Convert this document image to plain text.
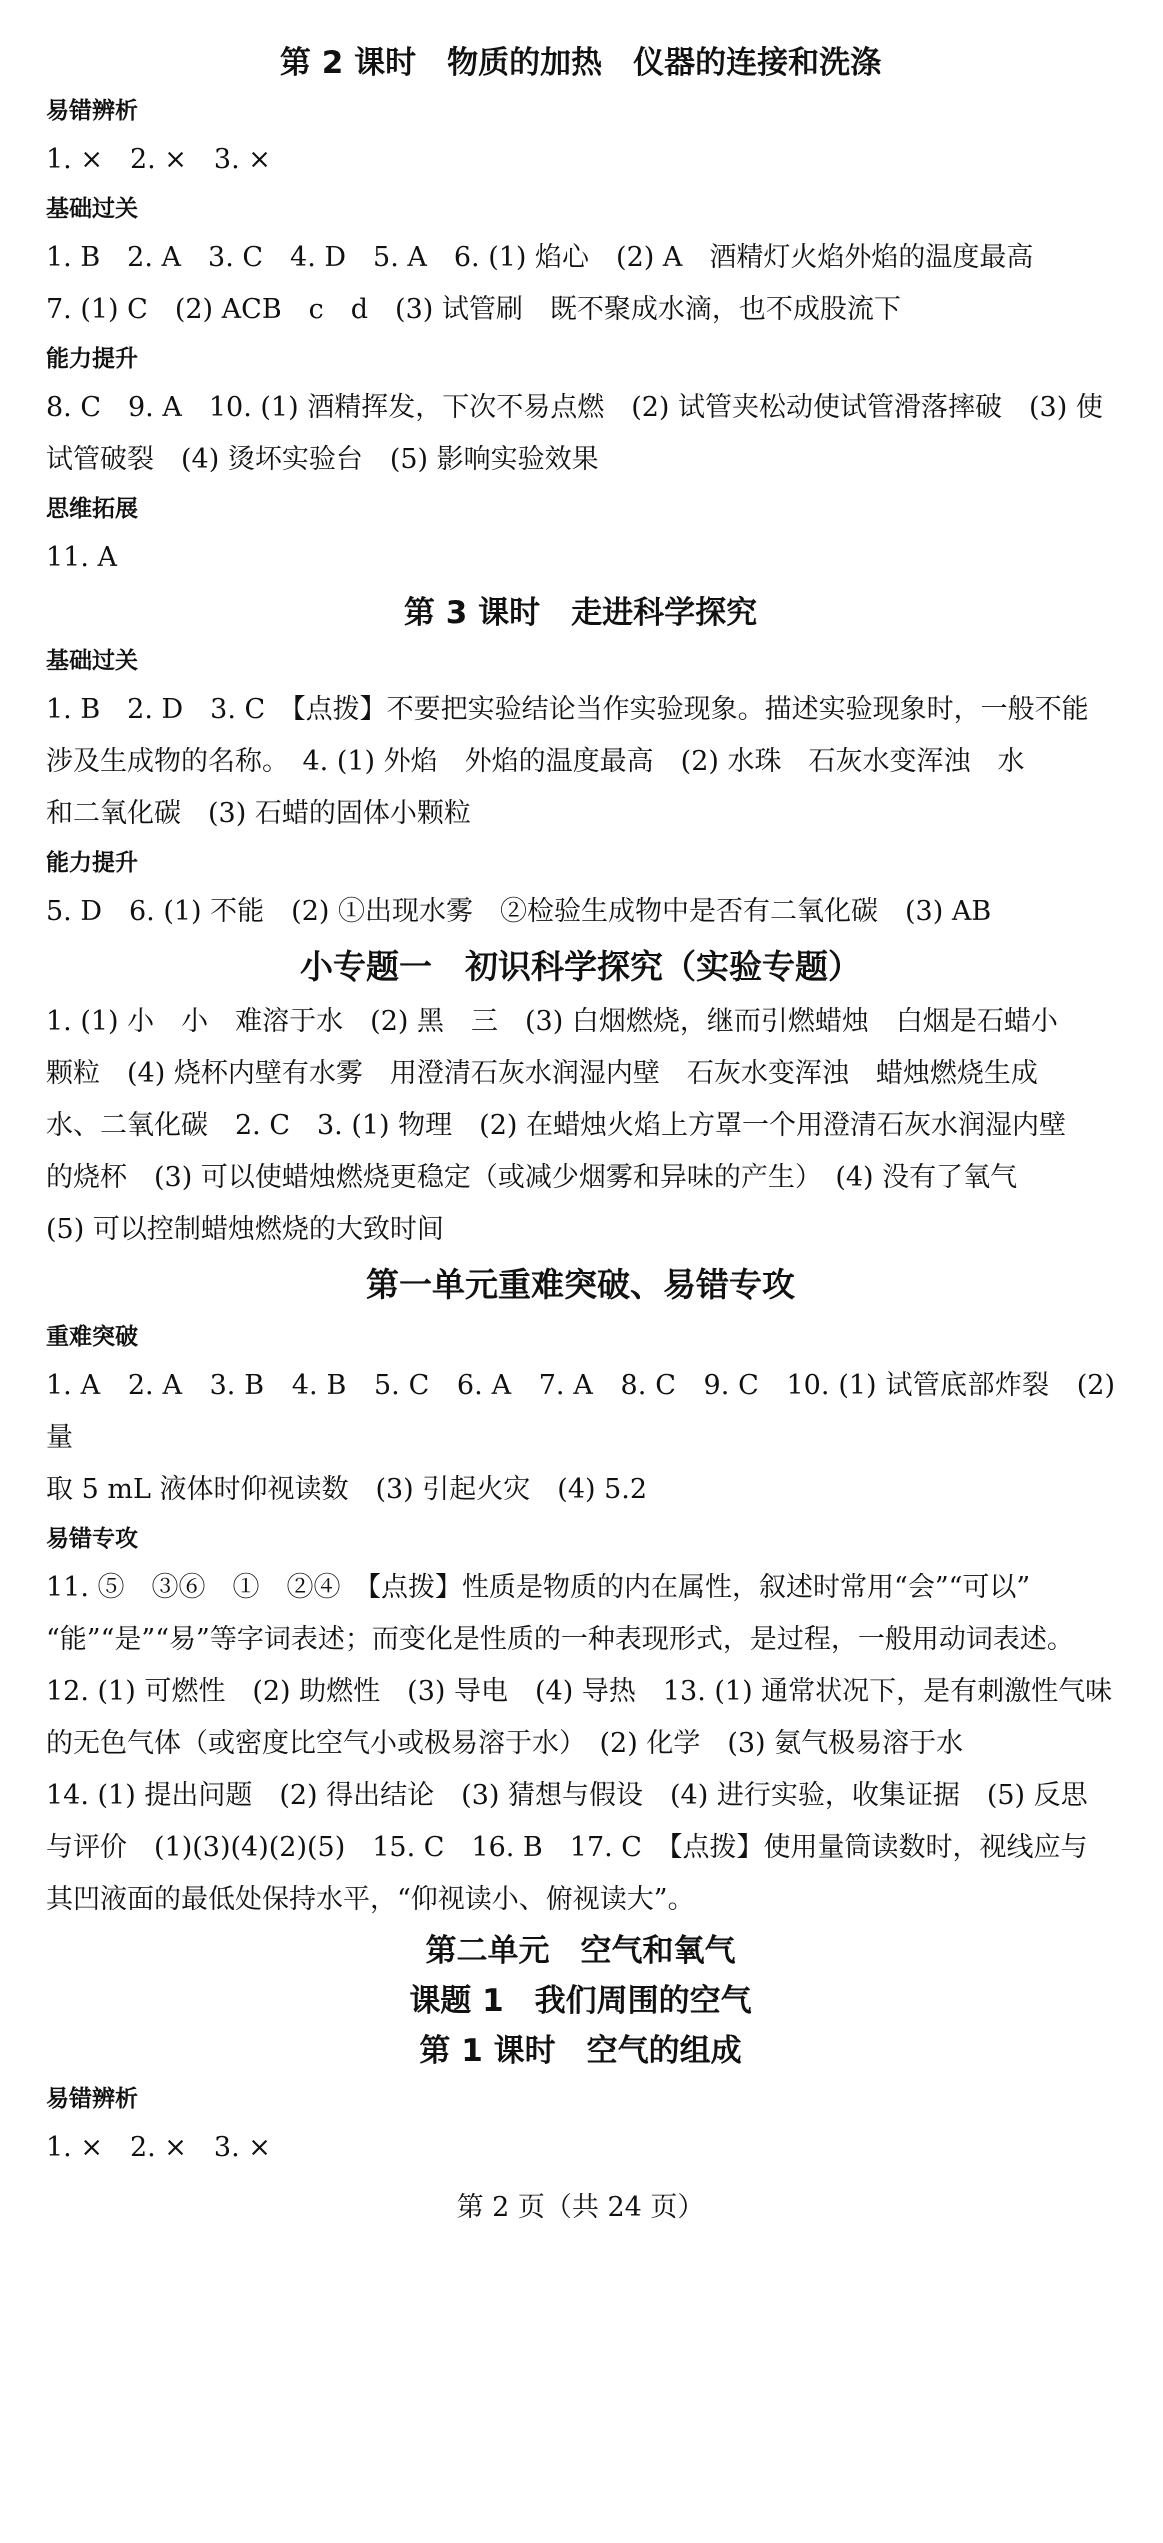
第 2 课时　物质的加热　仪器的连接和洗涤
易错辨析
1. ×　2. ×　3. ×
基础过关
1. B　2. A　3. C　4. D　5. A　6. (1) 焰心　(2) A　酒精灯火焰外焰的温度最高
7. (1) C　(2) ACB　c　d　(3) 试管刷　既不聚成水滴，也不成股流下
能力提升
8. C　9. A　10. (1) 酒精挥发，下次不易点燃　(2) 试管夹松动使试管滑落摔破　(3) 使
试管破裂　(4) 烫坏实验台　(5) 影响实验效果
思维拓展
11. A
第 3 课时　走进科学探究
基础过关
1. B　2. D　3. C　【点拨】不要把实验结论当作实验现象。描述实验现象时，一般不能
涉及生成物的名称。　4. (1) 外焰　外焰的温度最高　(2) 水珠　石灰水变浑浊　水
和二氧化碳　(3) 石蜡的固体小颗粒
能力提升
5. D　6. (1) 不能　(2) ①出现水雾　②检验生成物中是否有二氧化碳　(3) AB
小专题一　初识科学探究（实验专题）
1. (1) 小　小　难溶于水　(2) 黑　三　(3) 白烟燃烧，继而引燃蜡烛　白烟是石蜡小
颗粒　(4) 烧杯内壁有水雾　用澄清石灰水润湿内壁　石灰水变浑浊　蜡烛燃烧生成
水、二氧化碳　2. C　3. (1) 物理　(2) 在蜡烛火焰上方罩一个用澄清石灰水润湿内壁
的烧杯　(3) 可以使蜡烛燃烧更稳定（或减少烟雾和异味的产生）　(4) 没有了氧气
(5) 可以控制蜡烛燃烧的大致时间
第一单元重难突破、易错专攻
重难突破
1. A　2. A　3. B　4. B　5. C　6. A　7. A　8. C　9. C　10. (1) 试管底部炸裂　(2) 量
取 5 mL 液体时仰视读数　(3) 引起火灾　(4) 5.2
易错专攻
11. ⑤　③⑥　①　②④　【点拨】性质是物质的内在属性，叙述时常用“会”“可以”
“能”“是”“易”等字词表述；而变化是性质的一种表现形式，是过程，一般用动词表述。
12. (1) 可燃性　(2) 助燃性　(3) 导电　(4) 导热　13. (1) 通常状况下，是有刺激性气味
的无色气体（或密度比空气小或极易溶于水）　(2) 化学　(3) 氨气极易溶于水
14. (1) 提出问题　(2) 得出结论　(3) 猜想与假设　(4) 进行实验，收集证据　(5) 反思
与评价　(1)(3)(4)(2)(5)　15. C　16. B　17. C　【点拨】使用量筒读数时，视线应与
其凹液面的最低处保持水平，“仰视读小、俯视读大”。
第二单元　空气和氧气
课题 1　我们周围的空气
第 1 课时　空气的组成
易错辨析
1. ×　2. ×　3. ×
第 2 页（共 24 页）
